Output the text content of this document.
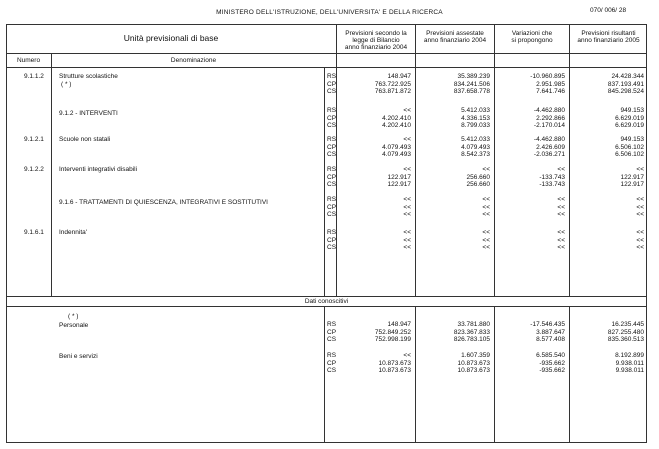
MINISTERO DELL'ISTRUZIONE, DELL'UNIVERSITA' E DELLA RICERCA	070/ 006/ 28
Unità previsionali di base
Numero	Denominazione
Previsioni secondo la
legge di Bilancio
anno finanziario 2004
Previsioni assestate
anno finanziario 2004
Variazioni che
si propongono
Previsioni risultanti
anno finanziario 2005
Dati conoscitivi
9.1.1.2 Strutture scolastiche
( * )
RS	148.947	35.389.239	-10.960.895	24.428.344
CP	763.722.925	834.241.506	2.951.985	837.193.491
CS	763.871.872	837.658.778	7.641.746	845.298.524
9.1.2 - INTERVENTI	RS	<<	5.412.033	-4.462.880	949.153
CP	4.202.410	4.336.153	2.292.866	6.629.019
CS	4.202.410	8.799.033	-2.170.014	6.629.019
9.1.2.1 Scuole non statali	RS	<<	5.412.033	-4.462.880	949.153
CP	4.079.493	4.079.493	2.426.609	6.506.102
CS	4.079.493	8.542.373	-2.036.271	6.506.102
9.1.2.2 Interventi integrativi disabili	RS	<<	<<	<<	<<
CP	122.917	256.660	-133.743	122.917
CS	122.917	256.660	-133.743	122.917
9.1.6 - TRATTAMENTI DI QUIESCENZA, INTEGRATIVI E SOSTITUTIVI	RS	<<	<<	<<	<<
CP	<<	<<	<<	<<
CS	<<	<<	<<	<<
9.1.6.1 Indennita'	RS	<<	<<	<<	<<
CP	<<	<<	<<	<<
CS	<<	<<	<<	<<
( * )
Personale	RS	148.947	33.781.880	-17.546.435	16.235.445
CP	752.849.252	823.367.833	3.887.647	827.255.480
CS	752.998.199	826.783.105	8.577.408	835.360.513
Beni e servizi	RS	<<	1.607.359	6.585.540	8.192.899
CP	10.873.673	10.873.673	-935.662	9.938.011
CS	10.873.673	10.873.673	-935.662	9.938.011
